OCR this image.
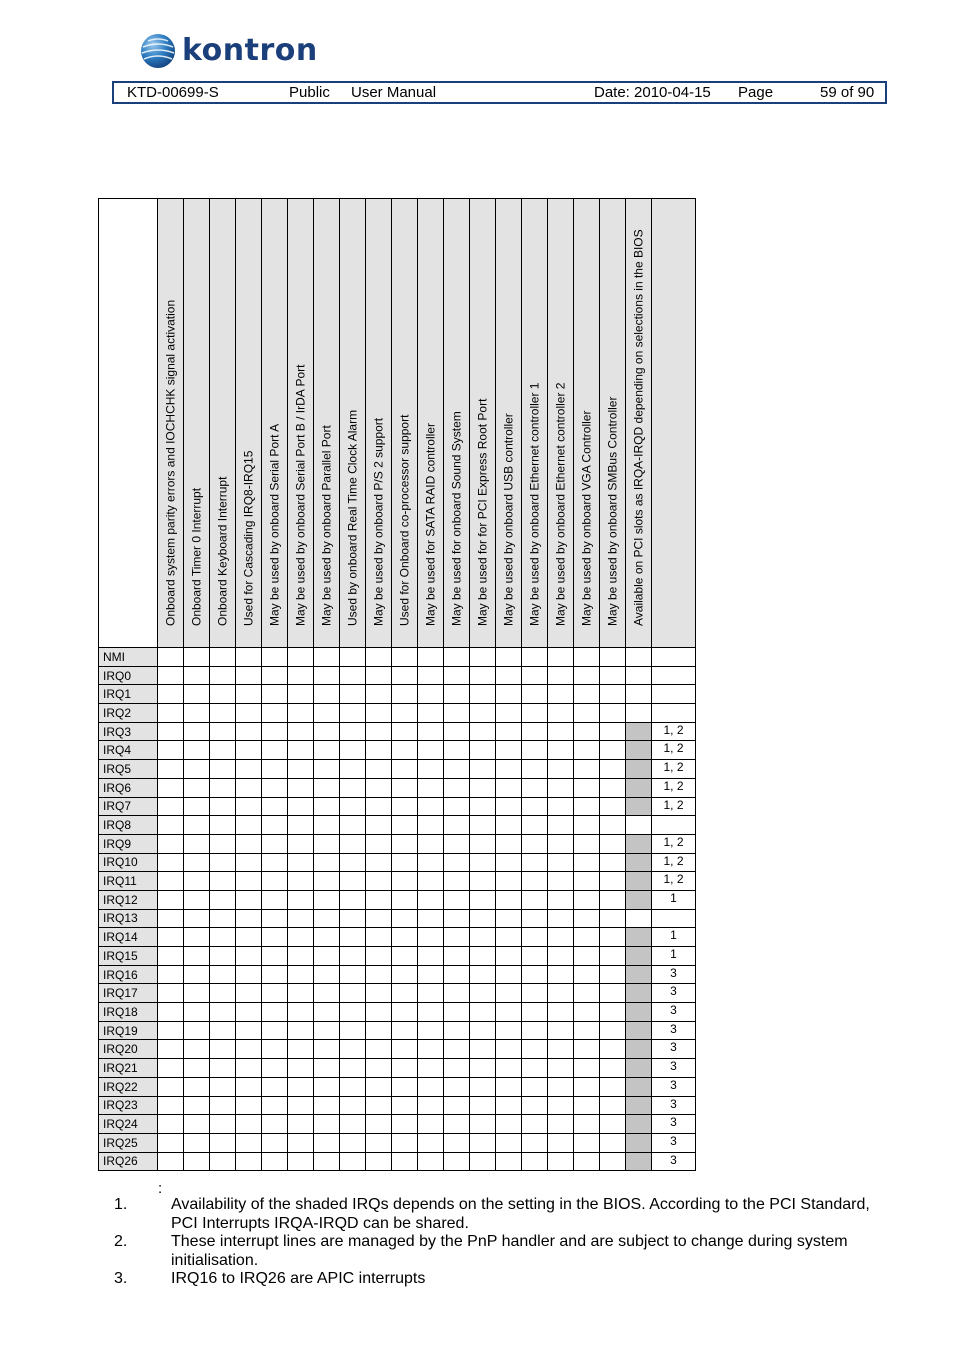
kontron
KTD-00699-S	Public User Manual	Date: 2010-04-15 Page	59 of 90

	Onboard system parity errors and IOCHCHK signal activation	Onboard Timer 0 Interrupt	Onboard Keyboard Interrupt	Used for Cascading IRQ8-IRQ15	May be used by onboard Serial Port A	May be used by onboard Serial Port B / IrDA Port	May be used by onboard Parallel Port	Used by onboard Real Time Clock Alarm	May be used by onboard P/S 2 support	Used for Onboard co-processor support	May be used for SATA RAID controller	May be used for onboard Sound System	May be used for for PCI Express Root Port	May be used by onboard USB controller	May be used by onboard Ethernet controller 1	May be used by onboard Ethernet controller 2	May be used by onboard VGA Controller	May be used by onboard SMBus Controller	Available on PCI slots as IRQA-IRQD depending on selections in the BIOS	

NMI																				
IRQ0																				
IRQ1																				
IRQ2																				
IRQ3																				1, 2
IRQ4																				1, 2
IRQ5																				1, 2
IRQ6																				1, 2
IRQ7																				1, 2
IRQ8																				
IRQ9																				1, 2
IRQ10																				1, 2
IRQ11																				1, 2
IRQ12																				1
IRQ13																				
IRQ14																				1
IRQ15																				1
IRQ16																				3
IRQ17																				3
IRQ18																				3
IRQ19																				3
IRQ20																				3
IRQ21																				3
IRQ22																				3
IRQ23																				3
IRQ24																				3
IRQ25																				3
IRQ26																				3
:
1.	Availability of the shaded IRQs depends on the setting in the BIOS. According to the PCI Standard, PCI Interrupts IRQA-IRQD can be shared.
2.	These interrupt lines are managed by the PnP handler and are subject to change during system initialisation.
3.	IRQ16 to IRQ26 are APIC interrupts
